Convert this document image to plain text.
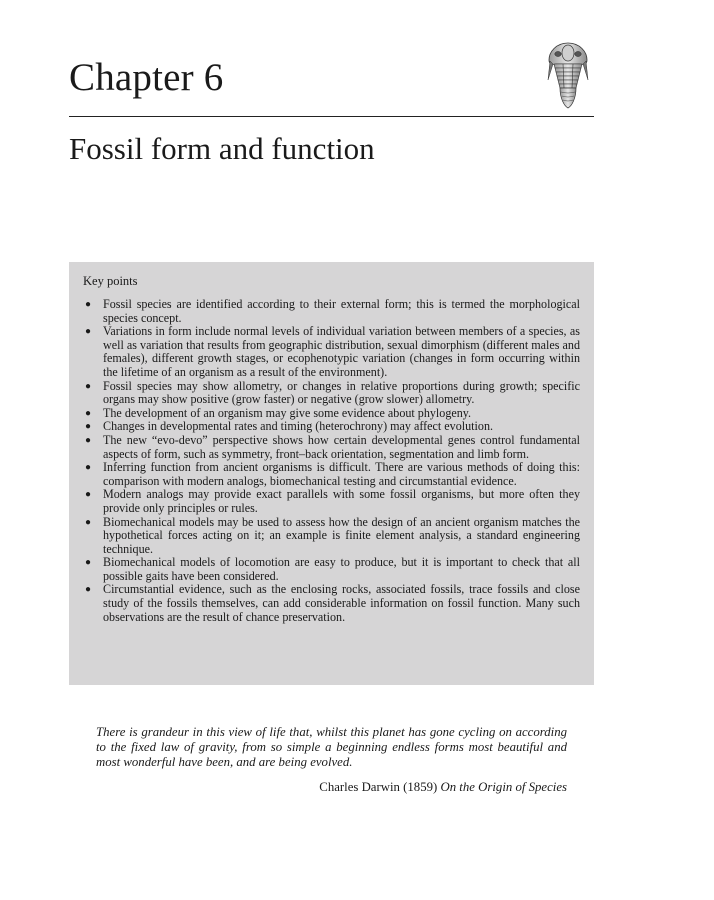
Chapter 6
Fossil form and function
Key points
● Fossil species are identified according to their external form; this is termed the morphological species concept.
● Variations in form include normal levels of individual variation between members of a species, as well as variation that results from geographic distribution, sexual dimorphism (different males and females), different growth stages, or ecophenotypic variation (changes in form occurring within the lifetime of an organism as a result of the environment).
● Fossil species may show allometry, or changes in relative proportions during growth; specific organs may show positive (grow faster) or negative (grow slower) allometry.
● The development of an organism may give some evidence about phylogeny.
● Changes in developmental rates and timing (heterochrony) may affect evolution.
● The new “evo-devo” perspective shows how certain developmental genes control fundamental aspects of form, such as symmetry, front–back orientation, segmentation and limb form.
● Inferring function from ancient organisms is difficult. There are various methods of doing this: comparison with modern analogs, biomechanical testing and circumstantial evidence.
● Modern analogs may provide exact parallels with some fossil organisms, but more often they provide only principles or rules.
● Biomechanical models may be used to assess how the design of an ancient organism matches the hypothetical forces acting on it; an example is finite element analysis, a standard engineering technique.
● Biomechanical models of locomotion are easy to produce, but it is important to check that all possible gaits have been considered.
● Circumstantial evidence, such as the enclosing rocks, associated fossils, trace fossils and close study of the fossils themselves, can add considerable information on fossil function. Many such observations are the result of chance preservation.

There is grandeur in this view of life that, whilst this planet has gone cycling on according to the fixed law of gravity, from so simple a beginning endless forms most beautiful and most wonderful have been, and are being evolved.

Charles Darwin (1859) On the Origin of Species
